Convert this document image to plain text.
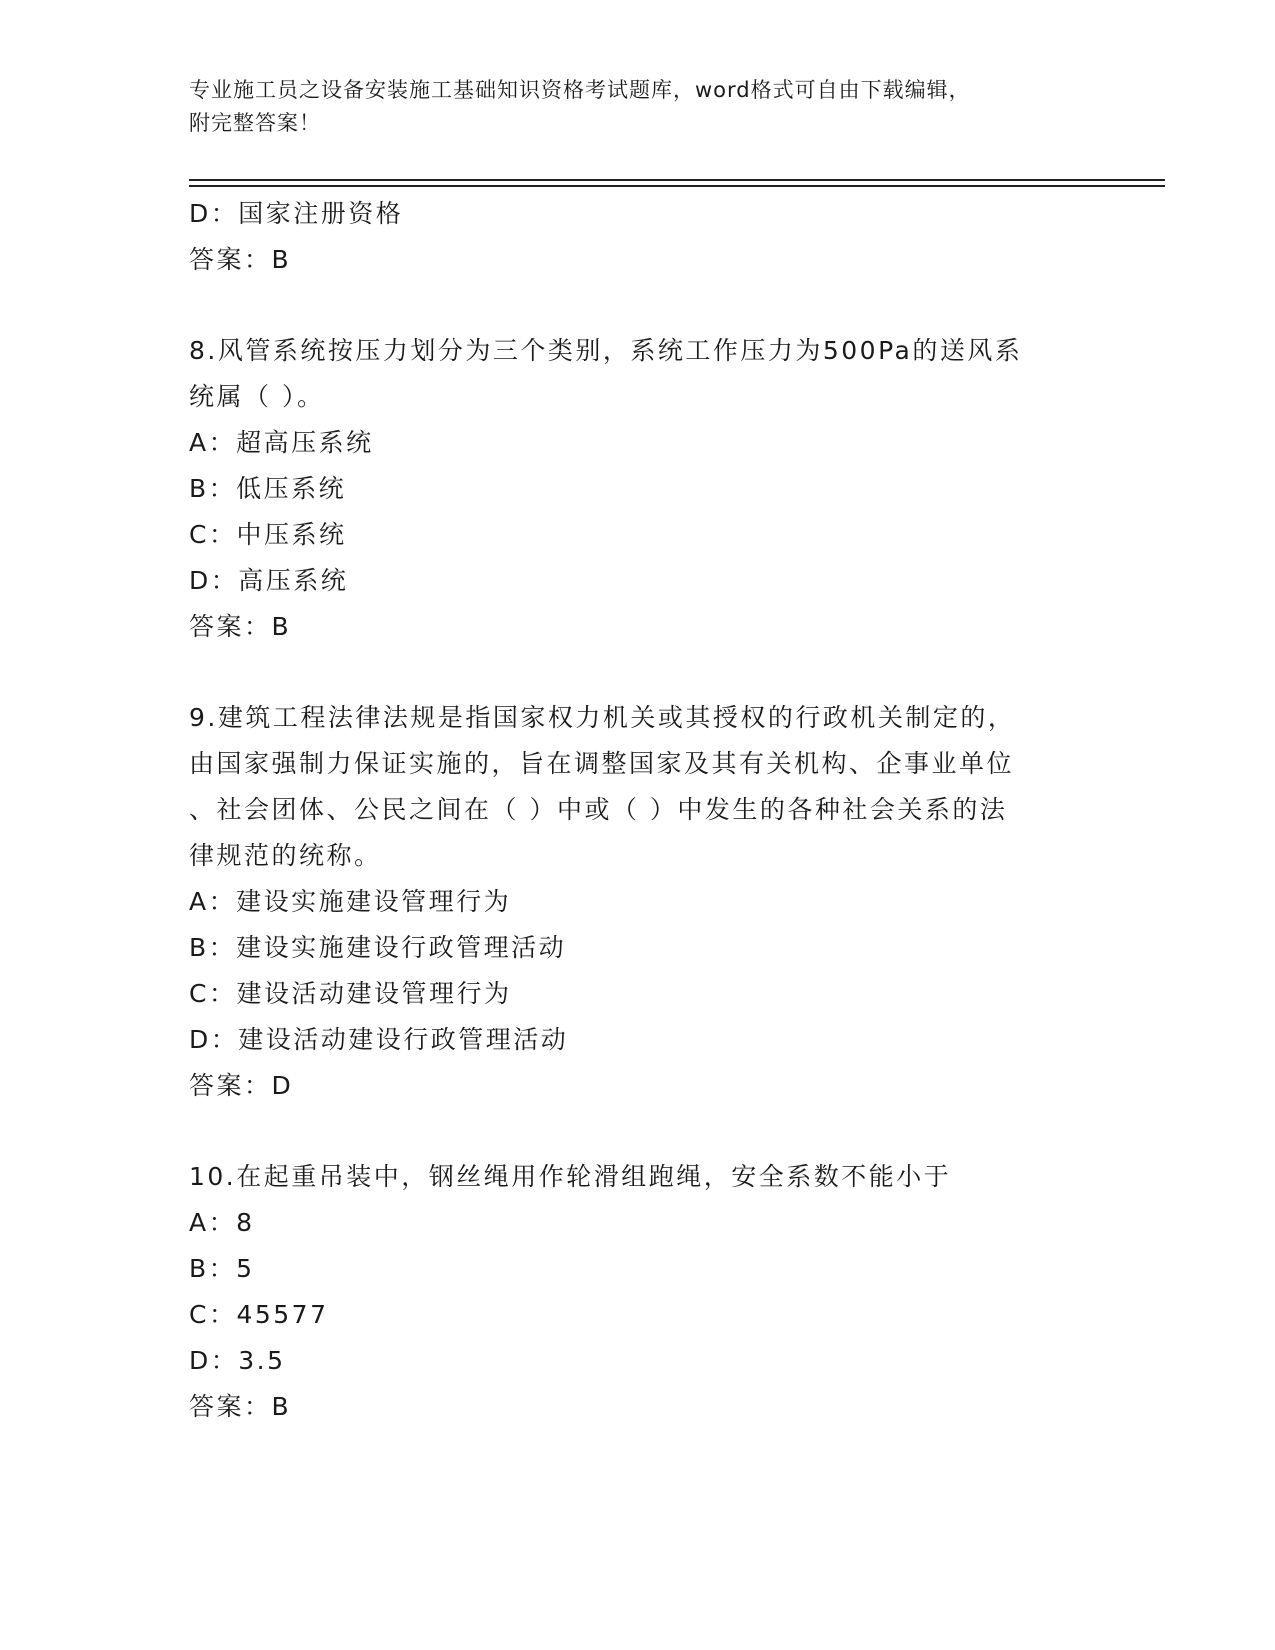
专业施工员之设备安装施工基础知识资格考试题库，word格式可自由下载编辑，
附完整答案！
D：国家注册资格
答案：B
8.风管系统按压力划分为三个类别，系统工作压力为500Pa的送风系
统属（ ）。
A：超高压系统
B：低压系统
C：中压系统
D：高压系统
答案：B
9.建筑工程法律法规是指国家权力机关或其授权的行政机关制定的，
由国家强制力保证实施的，旨在调整国家及其有关机构、企事业单位
、社会团体、公民之间在（ ）中或（ ）中发生的各种社会关系的法
律规范的统称。
A：建设实施建设管理行为
B：建设实施建设行政管理活动
C：建设活动建设管理行为
D：建设活动建设行政管理活动
答案：D
10.在起重吊装中，钢丝绳用作轮滑组跑绳，安全系数不能小于
A：8
B：5
C：45577
D：3.5
答案：B
